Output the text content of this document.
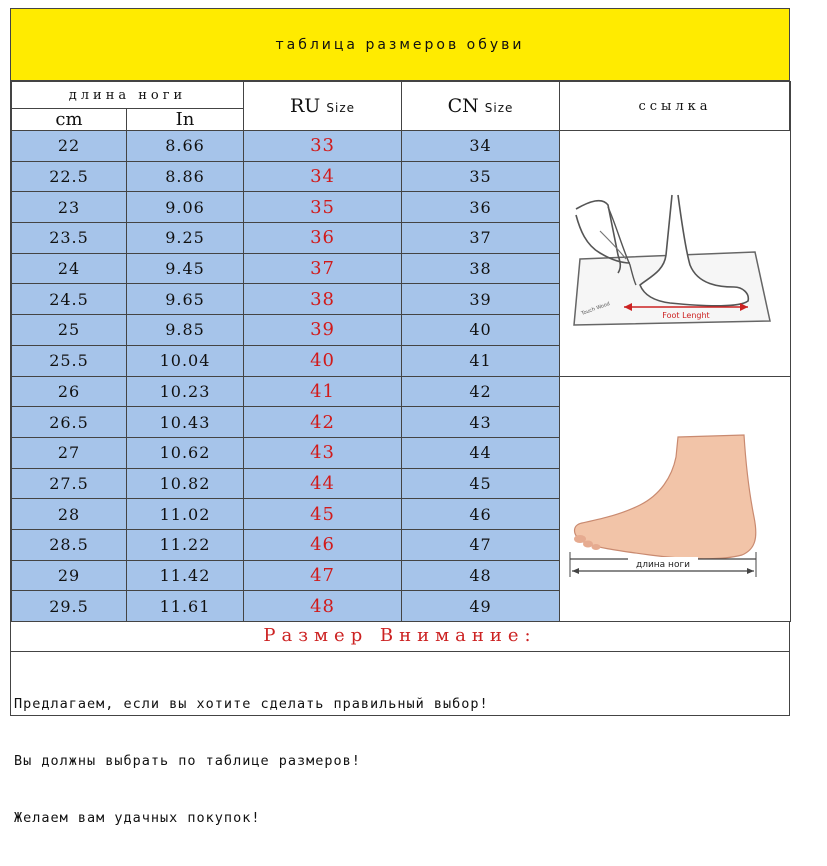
таблица размеров обуви
длина ноги		RU Size	CN Size	ссылка
cm	In			
22	8.66	33	34	Foot Lenght
Touch Wood

22.5	8.86	34	35	
23	9.06	35	36	
23.5	9.25	36	37	
24	9.45	37	38	
24.5	9.65	38	39	
25	9.85	39	40	
25.5	10.04	40	41	
26	10.23	41	42	длина ноги

26.5	10.43	42	43	
27	10.62	43	44	
27.5	10.82	44	45	
28	11.02	45	46	
28.5	11.22	46	47	
29	11.42	47	48	
29.5	11.61	48	49	
Размер Внимание:

Предлагаем, если вы хотите сделать правильный выбор!

Вы должны выбрать по таблице размеров!

Желаем вам удачных покупок!
